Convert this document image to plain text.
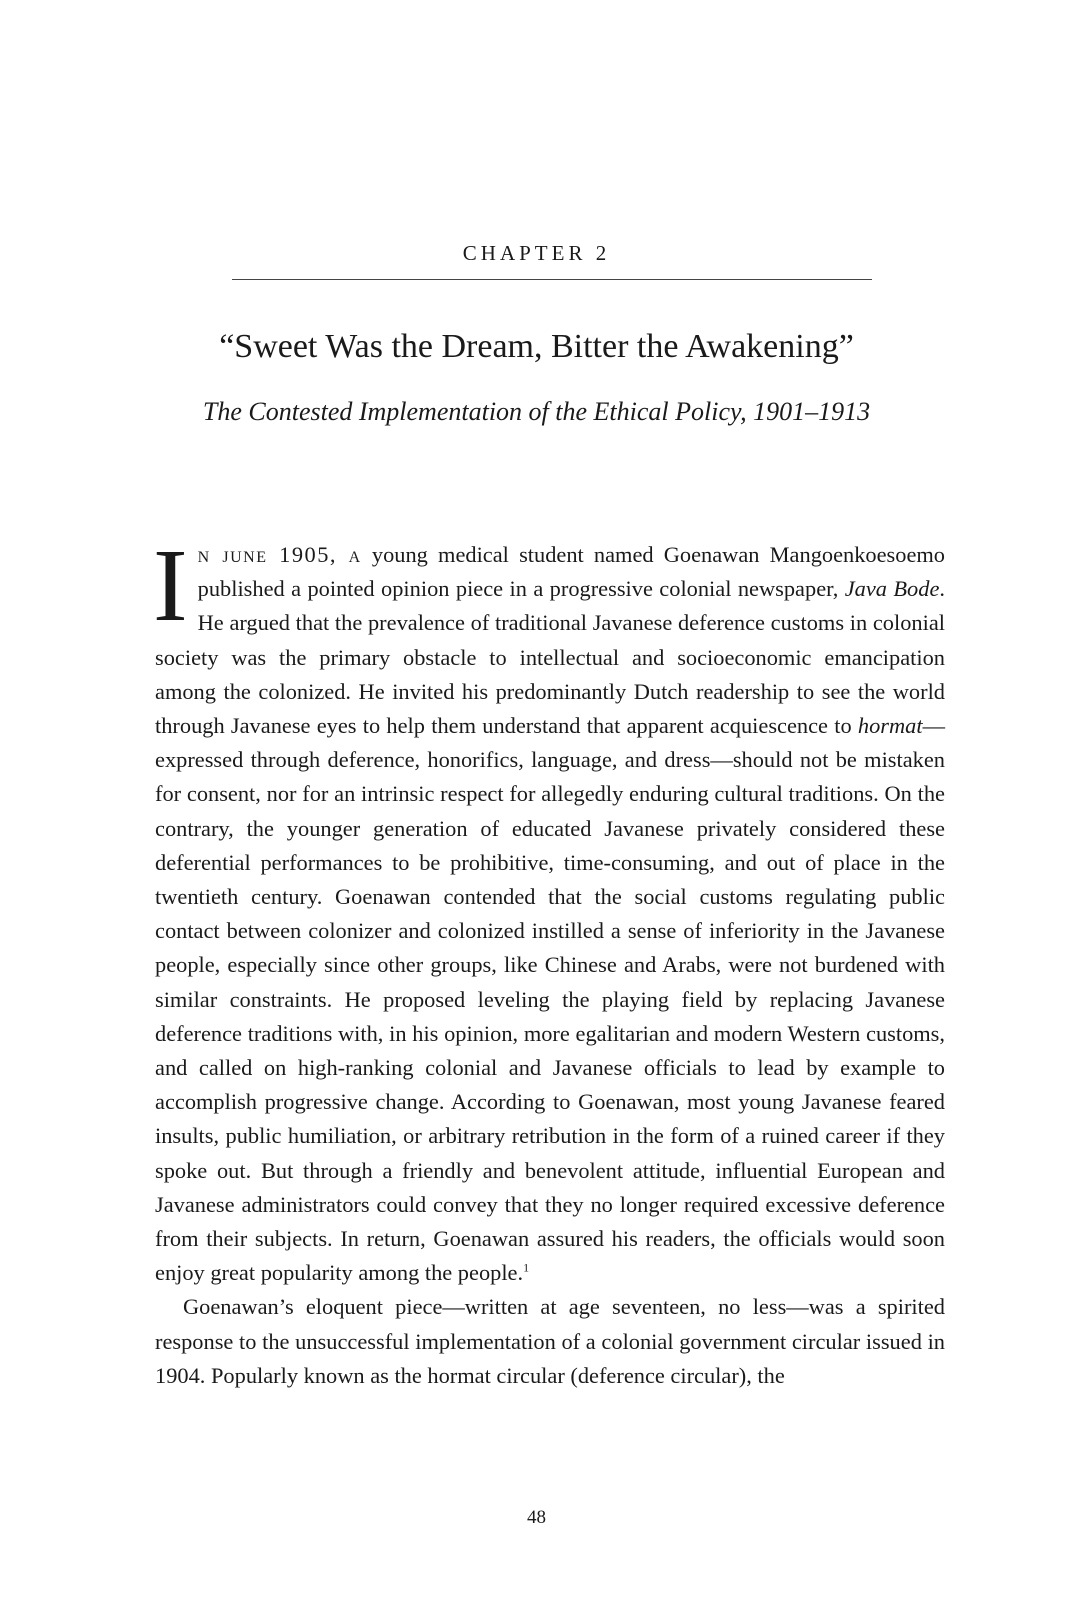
CHAPTER 2
“Sweet Was the Dream, Bitter the Awakening”
The Contested Implementation of the Ethical Policy, 1901–1913

In june 1905, a young medical student named Goenawan Mangoenkoesoemo published a pointed opinion piece in a progressive colonial newspaper, Java Bode. He argued that the prevalence of traditional Javanese deference customs in colonial society was the primary obstacle to intellectual and socioeconomic emancipation among the colonized. He invited his predominantly Dutch readership to see the world through Javanese eyes to help them understand that apparent acquiescence to hormat—expressed through deference, honorifics, language, and dress—should not be mistaken for consent, nor for an intrinsic respect for allegedly enduring cultural traditions. On the contrary, the younger generation of educated Javanese privately considered these deferential performances to be prohibitive, time-consuming, and out of place in the twentieth century. Goenawan contended that the social customs regulating public contact between colonizer and colonized instilled a sense of inferiority in the Javanese people, especially since other groups, like Chinese and Arabs, were not burdened with similar constraints. He proposed leveling the playing field by replacing Javanese deference traditions with, in his opinion, more egalitarian and modern Western customs, and called on high-ranking colonial and Javanese officials to lead by example to accomplish progressive change. According to Goenawan, most young Javanese feared insults, public humiliation, or arbitrary retribution in the form of a ruined career if they spoke out. But through a friendly and benevolent attitude, influential European and Javanese administrators could convey that they no longer required excessive deference from their subjects. In return, Goenawan assured his readers, the officials would soon enjoy great popularity among the people.$^1$

Goenawan’s eloquent piece—written at age seventeen, no less—was a spirited response to the unsuccessful implementation of a colonial government circular issued in 1904. Popularly known as the hormat circular (deference circular), the

48
